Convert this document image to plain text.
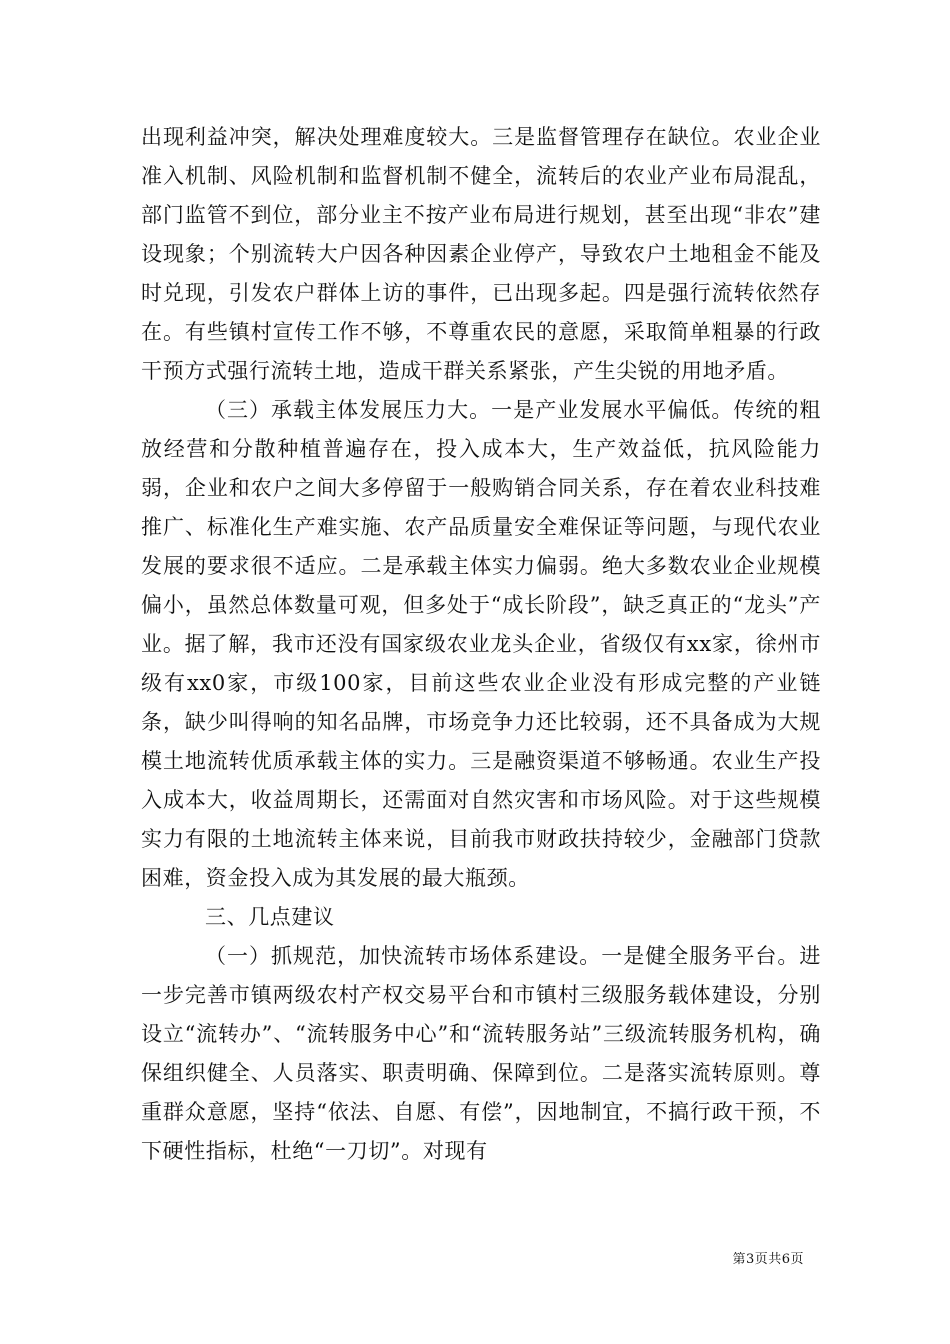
出现利益冲突，解决处理难度较大。三是监督管理存在缺位。农业企业准入机制、风险机制和监督机制不健全，流转后的农业产业布局混乱，部门监管不到位，部分业主不按产业布局进行规划，甚至出现“非农”建设现象；个别流转大户因各种因素企业停产，导致农户土地租金不能及时兑现，引发农户群体上访的事件，已出现多起。四是强行流转依然存在。有些镇村宣传工作不够，不尊重农民的意愿，采取简单粗暴的行政干预方式强行流转土地，造成干群关系紧张，产生尖锐的用地矛盾。

（三）承载主体发展压力大。一是产业发展水平偏低。传统的粗放经营和分散种植普遍存在，投入成本大，生产效益低，抗风险能力弱，企业和农户之间大多停留于一般购销合同关系，存在着农业科技难推广、标准化生产难实施、农产品质量安全难保证等问题，与现代农业发展的要求很不适应。二是承载主体实力偏弱。绝大多数农业企业规模偏小，虽然总体数量可观，但多处于“成长阶段”，缺乏真正的“龙头”产业。据了解，我市还没有国家级农业龙头企业，省级仅有xx家，徐州市级有xx0家，市级100家，目前这些农业企业没有形成完整的产业链条，缺少叫得响的知名品牌，市场竞争力还比较弱，还不具备成为大规模土地流转优质承载主体的实力。三是融资渠道不够畅通。农业生产投入成本大，收益周期长，还需面对自然灾害和市场风险。对于这些规模实力有限的土地流转主体来说，目前我市财政扶持较少，金融部门贷款困难，资金投入成为其发展的最大瓶颈。

三、几点建议

（一）抓规范，加快流转市场体系建设。一是健全服务平台。进一步完善市镇两级农村产权交易平台和市镇村三级服务载体建设，分别设立“流转办”、“流转服务中心”和“流转服务站”三级流转服务机构，确保组织健全、人员落实、职责明确、保障到位。二是落实流转原则。尊重群众意愿，坚持“依法、自愿、有偿”，因地制宜，不搞行政干预，不下硬性指标，杜绝“一刀切”。对现有

第3页共6页
